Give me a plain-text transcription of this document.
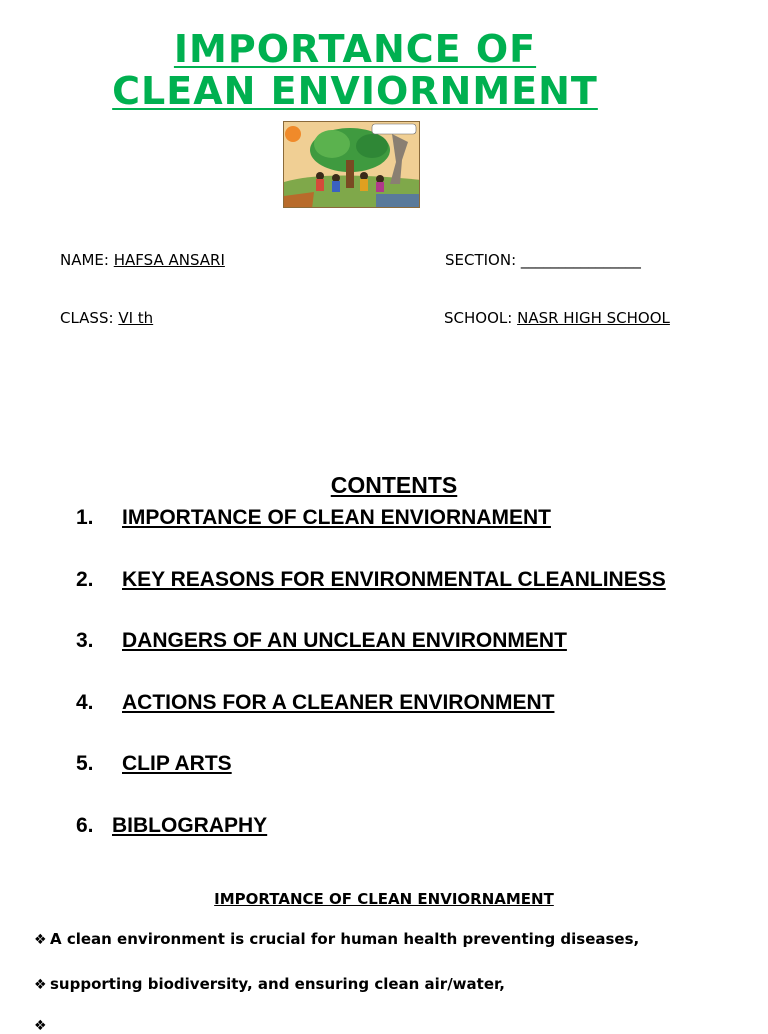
IMPORTANCE OF
CLEAN ENVIORNMENT
NAME: HAFSA ANSARI	SECTION: ________________
CLASS: VI th	SCHOOL: NASR HIGH SCHOOL
CONTENTS
1. IMPORTANCE OF CLEAN ENVIORNAMENT
2. KEY REASONS FOR ENVIRONMENTAL CLEANLINESS
3. DANGERS OF AN UNCLEAN ENVIRONMENT
4. ACTIONS FOR A CLEANER ENVIRONMENT
5. CLIP ARTS
6. BIBLOGRAPHY
IMPORTANCE OF CLEAN ENVIORNAMENT
❖ A clean environment is crucial for human health preventing diseases,
❖ supporting biodiversity, and ensuring clean air/water,
❖
